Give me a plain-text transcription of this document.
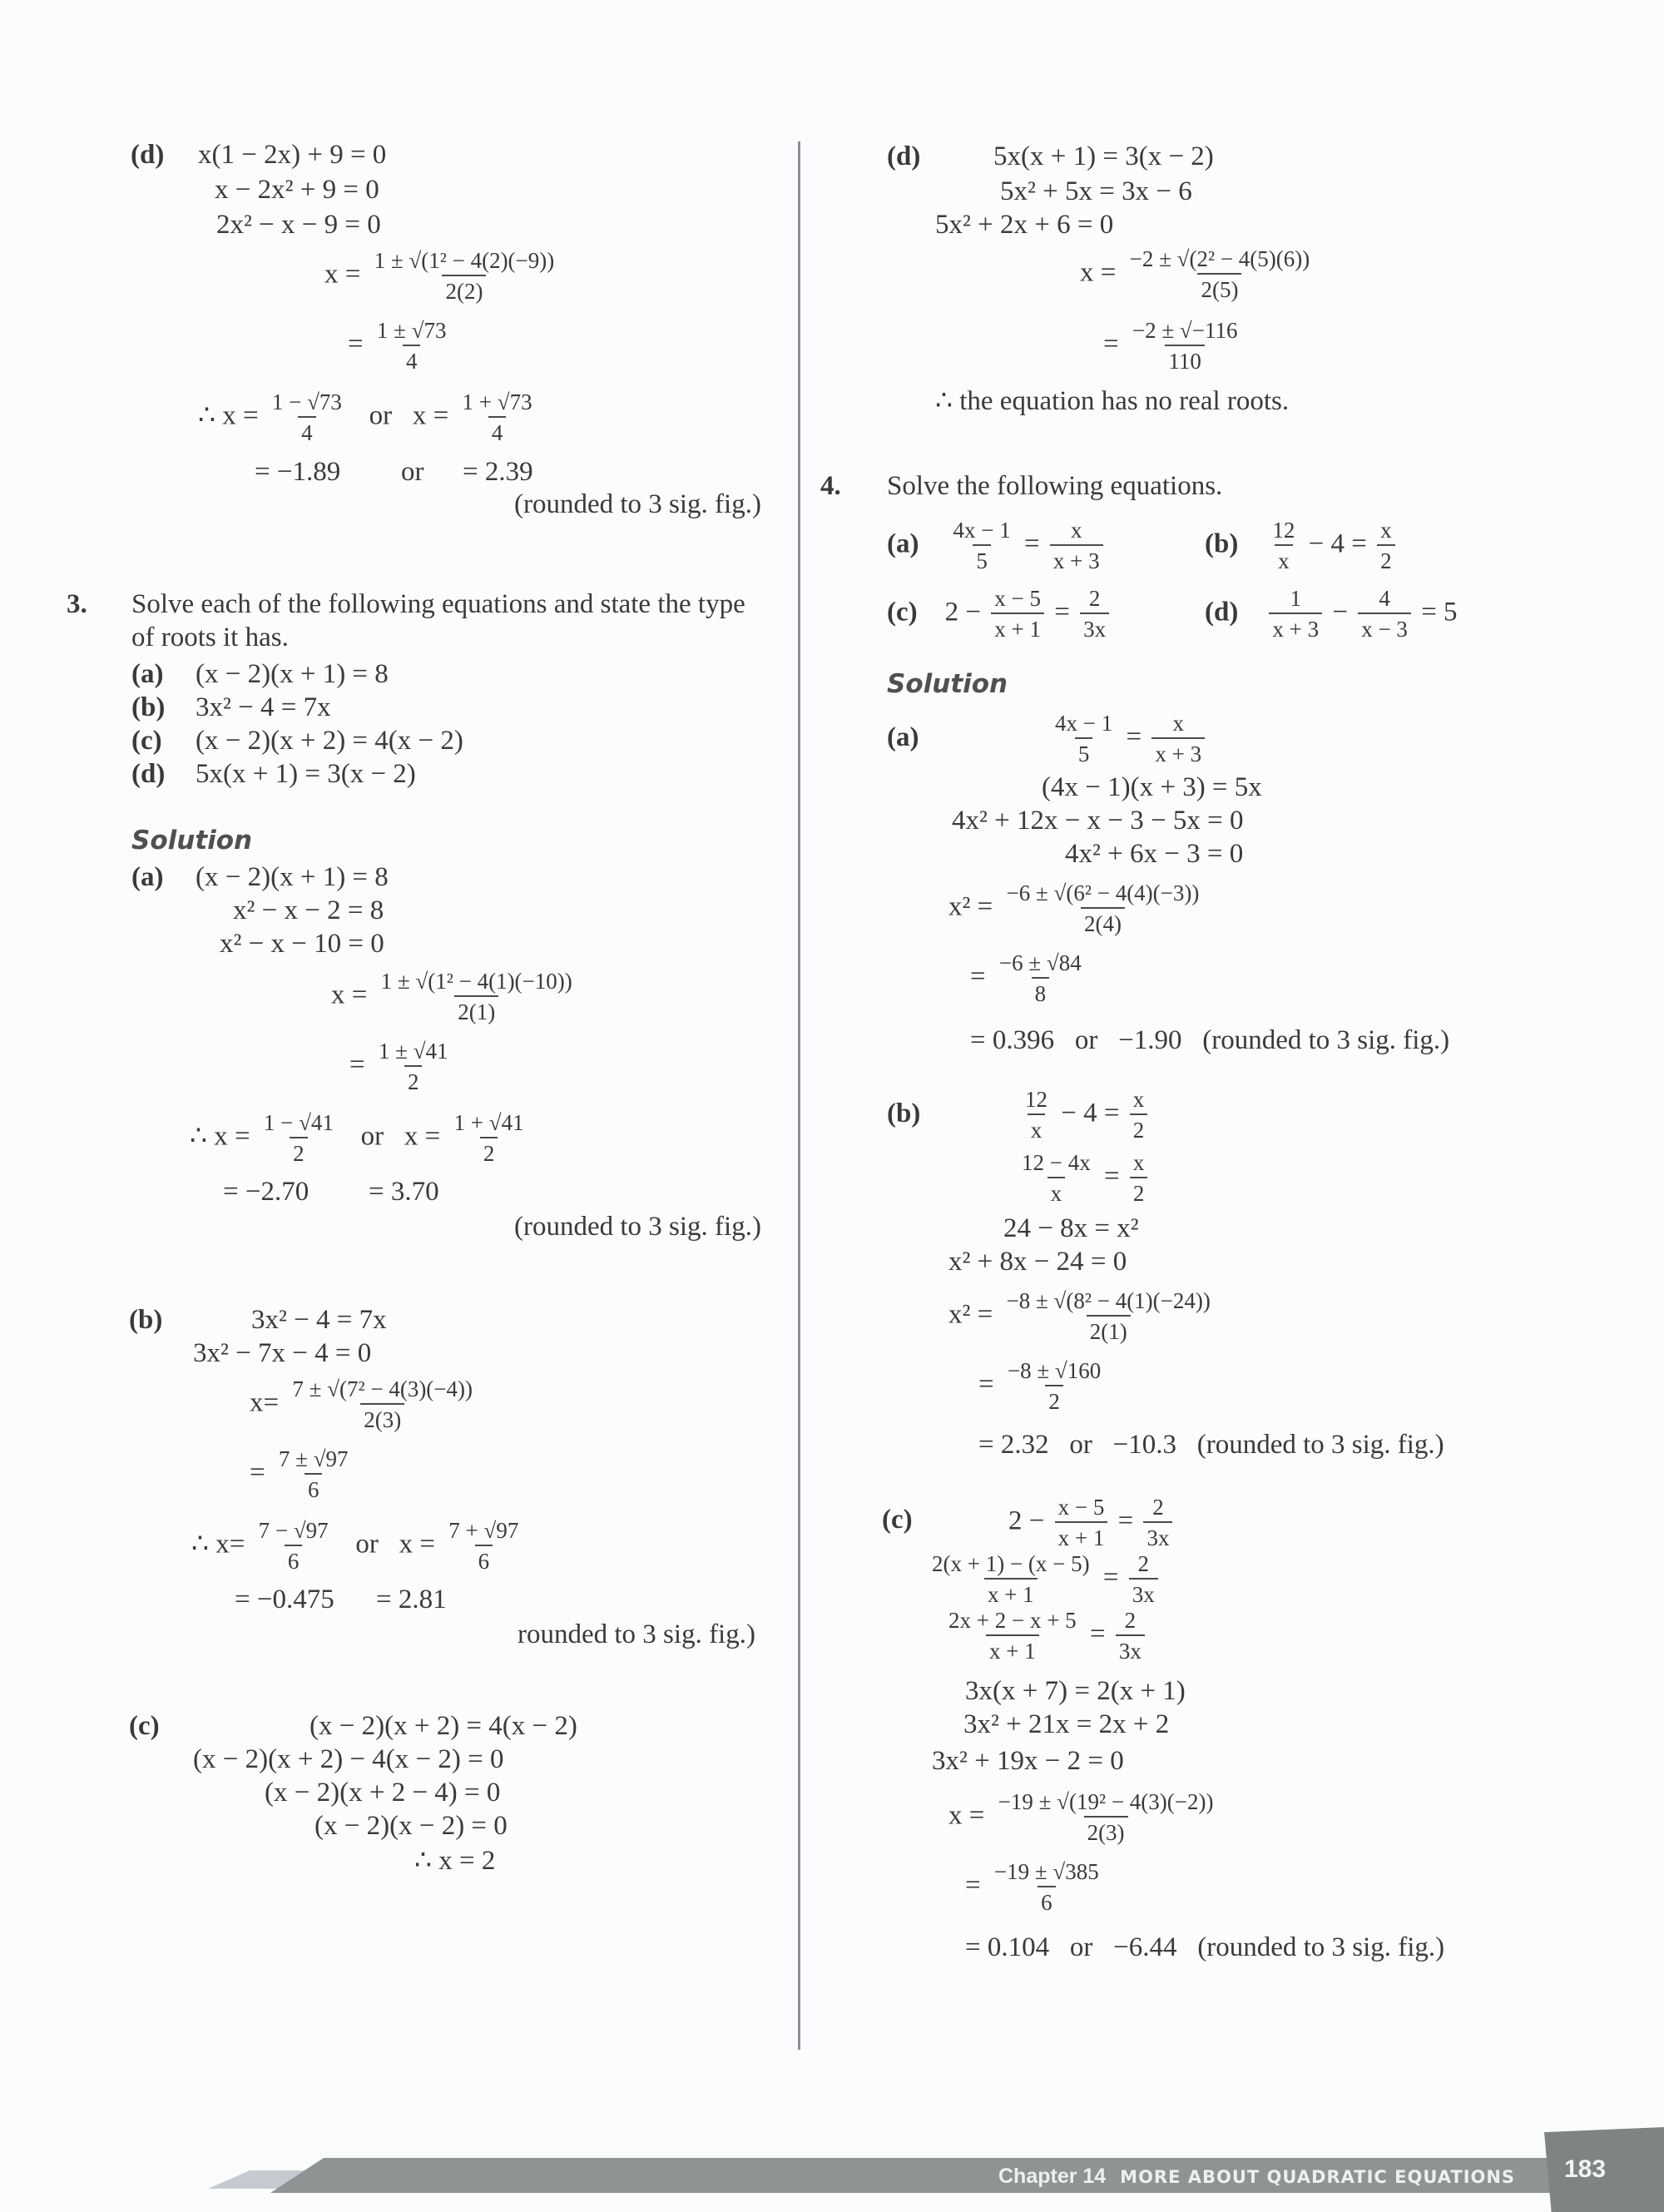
(d) x(1 − 2x) + 9 = 0
x − 2x² + 9 = 0
2x² − x − 9 = 0
$x = \frac{\text{1 ± √(1² − 4(2)(−9))}}{2(2)}$
= $\frac{1 \pm √73}{4}$
∴ $x = \frac{1 - √73}{4}$ or $x = \frac{1 + √73}{4}$
= −1.89 or = 2.39
(rounded to 3 sig. fig.)
3. Solve each of the following equations and state the type
of roots it has.
(a) (x − 2)(x + 1) = 8
(b) 3x² − 4 = 7x
(c) (x − 2)(x + 2) = 4(x − 2)
(d) 5x(x + 1) = 3(x − 2)
Solution
(a) (x − 2)(x + 1) = 8
x² − x − 2 = 8
x² − x − 10 = 0
$x = \frac{\text{1 ± √(1² − 4(1)(−10))}}{2(1)}$
= $\frac{1 \pm √41}{2}$
∴ $x = \frac{1 - √41}{2}$ or $x = \frac{1 + √41}{2}$
= −2.70 = 3.70
(rounded to 3 sig. fig.)
(b)	3x² − 4 = 7x
3x² − 7x − 4 = 0
$x= \frac{\text{7 ± √(7² − 4(3)(−4))}}{2(3)}$
= $\frac{7 \pm √97}{6}$
∴ $x= \frac{7 - √97}{6}$ or $x = \frac{7 + √97}{6}$
= −0.475 = 2.81
rounded to 3 sig. fig.)
(c)	(x − 2)(x + 2) = 4(x − 2)
(x − 2)(x + 2) − 4(x − 2) = 0
(x − 2)(x + 2 − 4) = 0
(x − 2)(x − 2) = 0
∴ x = 2
(d)	5x(x + 1) = 3(x − 2)
5x² + 5x = 3x − 6
5x² + 2x + 6 = 0
$x = \frac{\text{−2 ± √(2² − 4(5)(6))}}{2(5)}$
= $\frac{-2 \pm √-116}{110}$
∴ the equation has no real roots.
4. Solve the following equations.
$(a) \frac{4x - 1}{5} = \frac{x}{x + 3}$	$(b) \frac{12}{x} - 4 = \frac{x}{2}$
(c) $2 - \frac{x - 5}{x + 1} = \frac{2}{3x}$	$(d) \frac{1}{x + 3} - \frac{4}{x - 3} = 5$
Solution
(a)	$\frac{4x - 1}{5} = \frac{x}{x + 3}$
(4x − 1)(x + 3) = 5x
4x² + 12x − x − 3 − 5x = 0
4x² + 6x − 3 = 0
$x^2 = \frac{\text{−6 ± √(6² − 4(4)(−3))}}{2(4)}$
= $\frac{-6 \pm √84}{8}$
= 0.396   or   −1.90 (rounded to 3 sig. fig.)
(b)	$\frac{12}{x} - 4 = \frac{x}{2}$
$\frac{12 - 4x}{x} = \frac{x}{2}$
24 − 8x = x²
x² + 8x − 24 = 0
$x^2 = \frac{\text{−8 ± √(8² − 4(1)(−24))}}{2(1)}$
= $\frac{-8 \pm √160}{2}$
= 2.32   or   −10.3 (rounded to 3 sig. fig.)
(c)	$2 - \frac{x - 5}{x + 1} = \frac{2}{3x}$
$\frac{2(x + 1) - (x - 5)}{x + 1} = \frac{2}{3x}$
$\frac{2x + 2 - x + 5}{x + 1} = \frac{2}{3x}$
3x(x + 7) = 2(x + 1)
3x² + 21x = 2x + 2
3x² + 19x − 2 = 0
$x = \frac{\text{−19 ± √(19² − 4(3)(−2))}}{2(3)}$
= $\frac{-19 \pm √385}{6}$
= 0.104   or   −6.44 (rounded to 3 sig. fig.)
Chapter 14 MORE ABOUT QUADRATIC EQUATIONS 183
